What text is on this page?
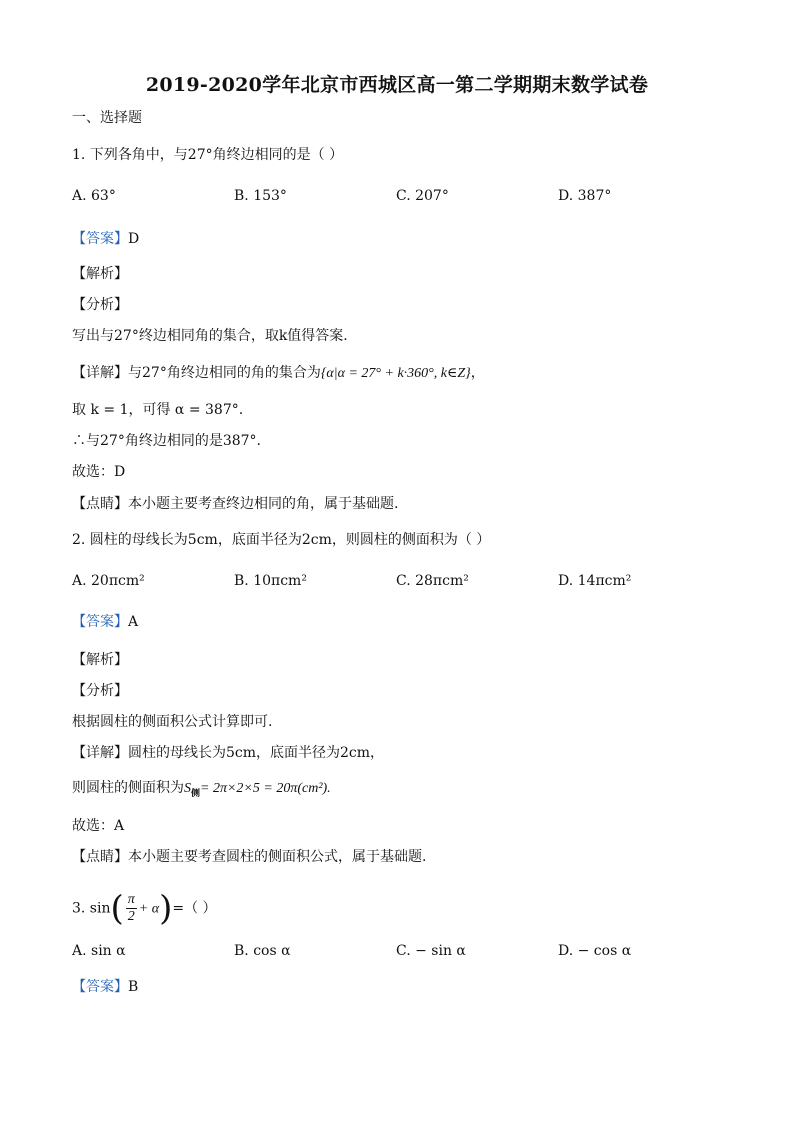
2019-2020学年北京市西城区高一第二学期期末数学试卷
一、选择题
1. 下列各角中，与27°角终边相同的是（ ）
A. 63°	B. 153°	C. 207°	D. 387°
【答案】D
【解析】
【分析】
写出与27°终边相同角的集合，取k值得答案.
【详解】与27°角终边相同的角的集合为{α|α = 27° + k·360°, k∈Z}，
取 k = 1，可得 α = 387°.
∴与27°角终边相同的是387°.
故选：D
【点睛】本小题主要考查终边相同的角，属于基础题.
2. 圆柱的母线长为5cm，底面半径为2cm，则圆柱的侧面积为（ ）
A. 20πcm²	B. 10πcm²	C. 28πcm²	D. 14πcm²
【答案】A
【解析】
【分析】
根据圆柱的侧面积公式计算即可.
【详解】圆柱的母线长为5cm，底面半径为2cm，
则圆柱的侧面积为$S_侧= 2\pi\times 2\times 5 = 20\pi(cm^2)$.
故选：A
【点睛】本小题主要考查圆柱的侧面积公式，属于基础题.
3. $\sin( \frac{\pi}{2} + \alpha)=$（ ）
A. sin α	B. cos α	C. − sin α	D. − cos α
【答案】B
